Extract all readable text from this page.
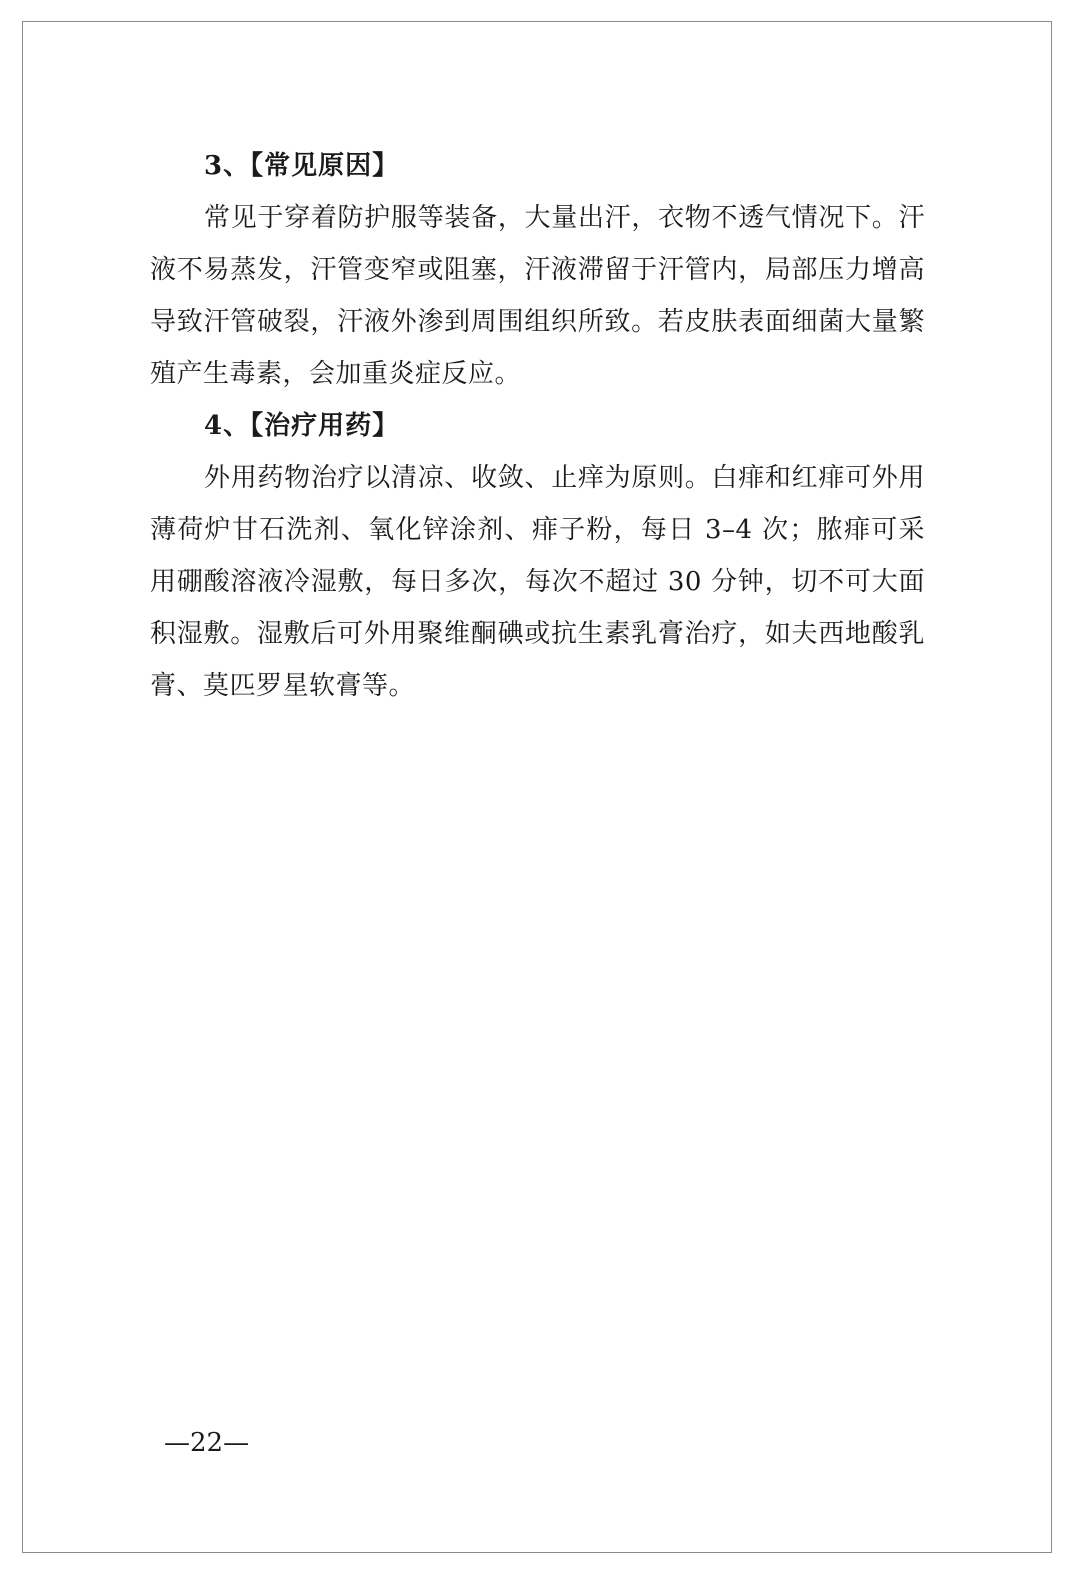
3、【常见原因】

常见于穿着防护服等装备，大量出汗，衣物不透气情况下。汗液不易蒸发，汗管变窄或阻塞，汗液滞留于汗管内，局部压力增高导致汗管破裂，汗液外渗到周围组织所致。若皮肤表面细菌大量繁殖产生毒素，会加重炎症反应。

4、【治疗用药】

外用药物治疗以清凉、收敛、止痒为原则。白痱和红痱可外用薄荷炉甘石洗剂、氧化锌涂剂、痱子粉，每日 3–4 次；脓痱可采用硼酸溶液冷湿敷，每日多次，每次不超过 30 分钟，切不可大面积湿敷。湿敷后可外用聚维酮碘或抗生素乳膏治疗，如夫西地酸乳膏、莫匹罗星软膏等。

—22—
